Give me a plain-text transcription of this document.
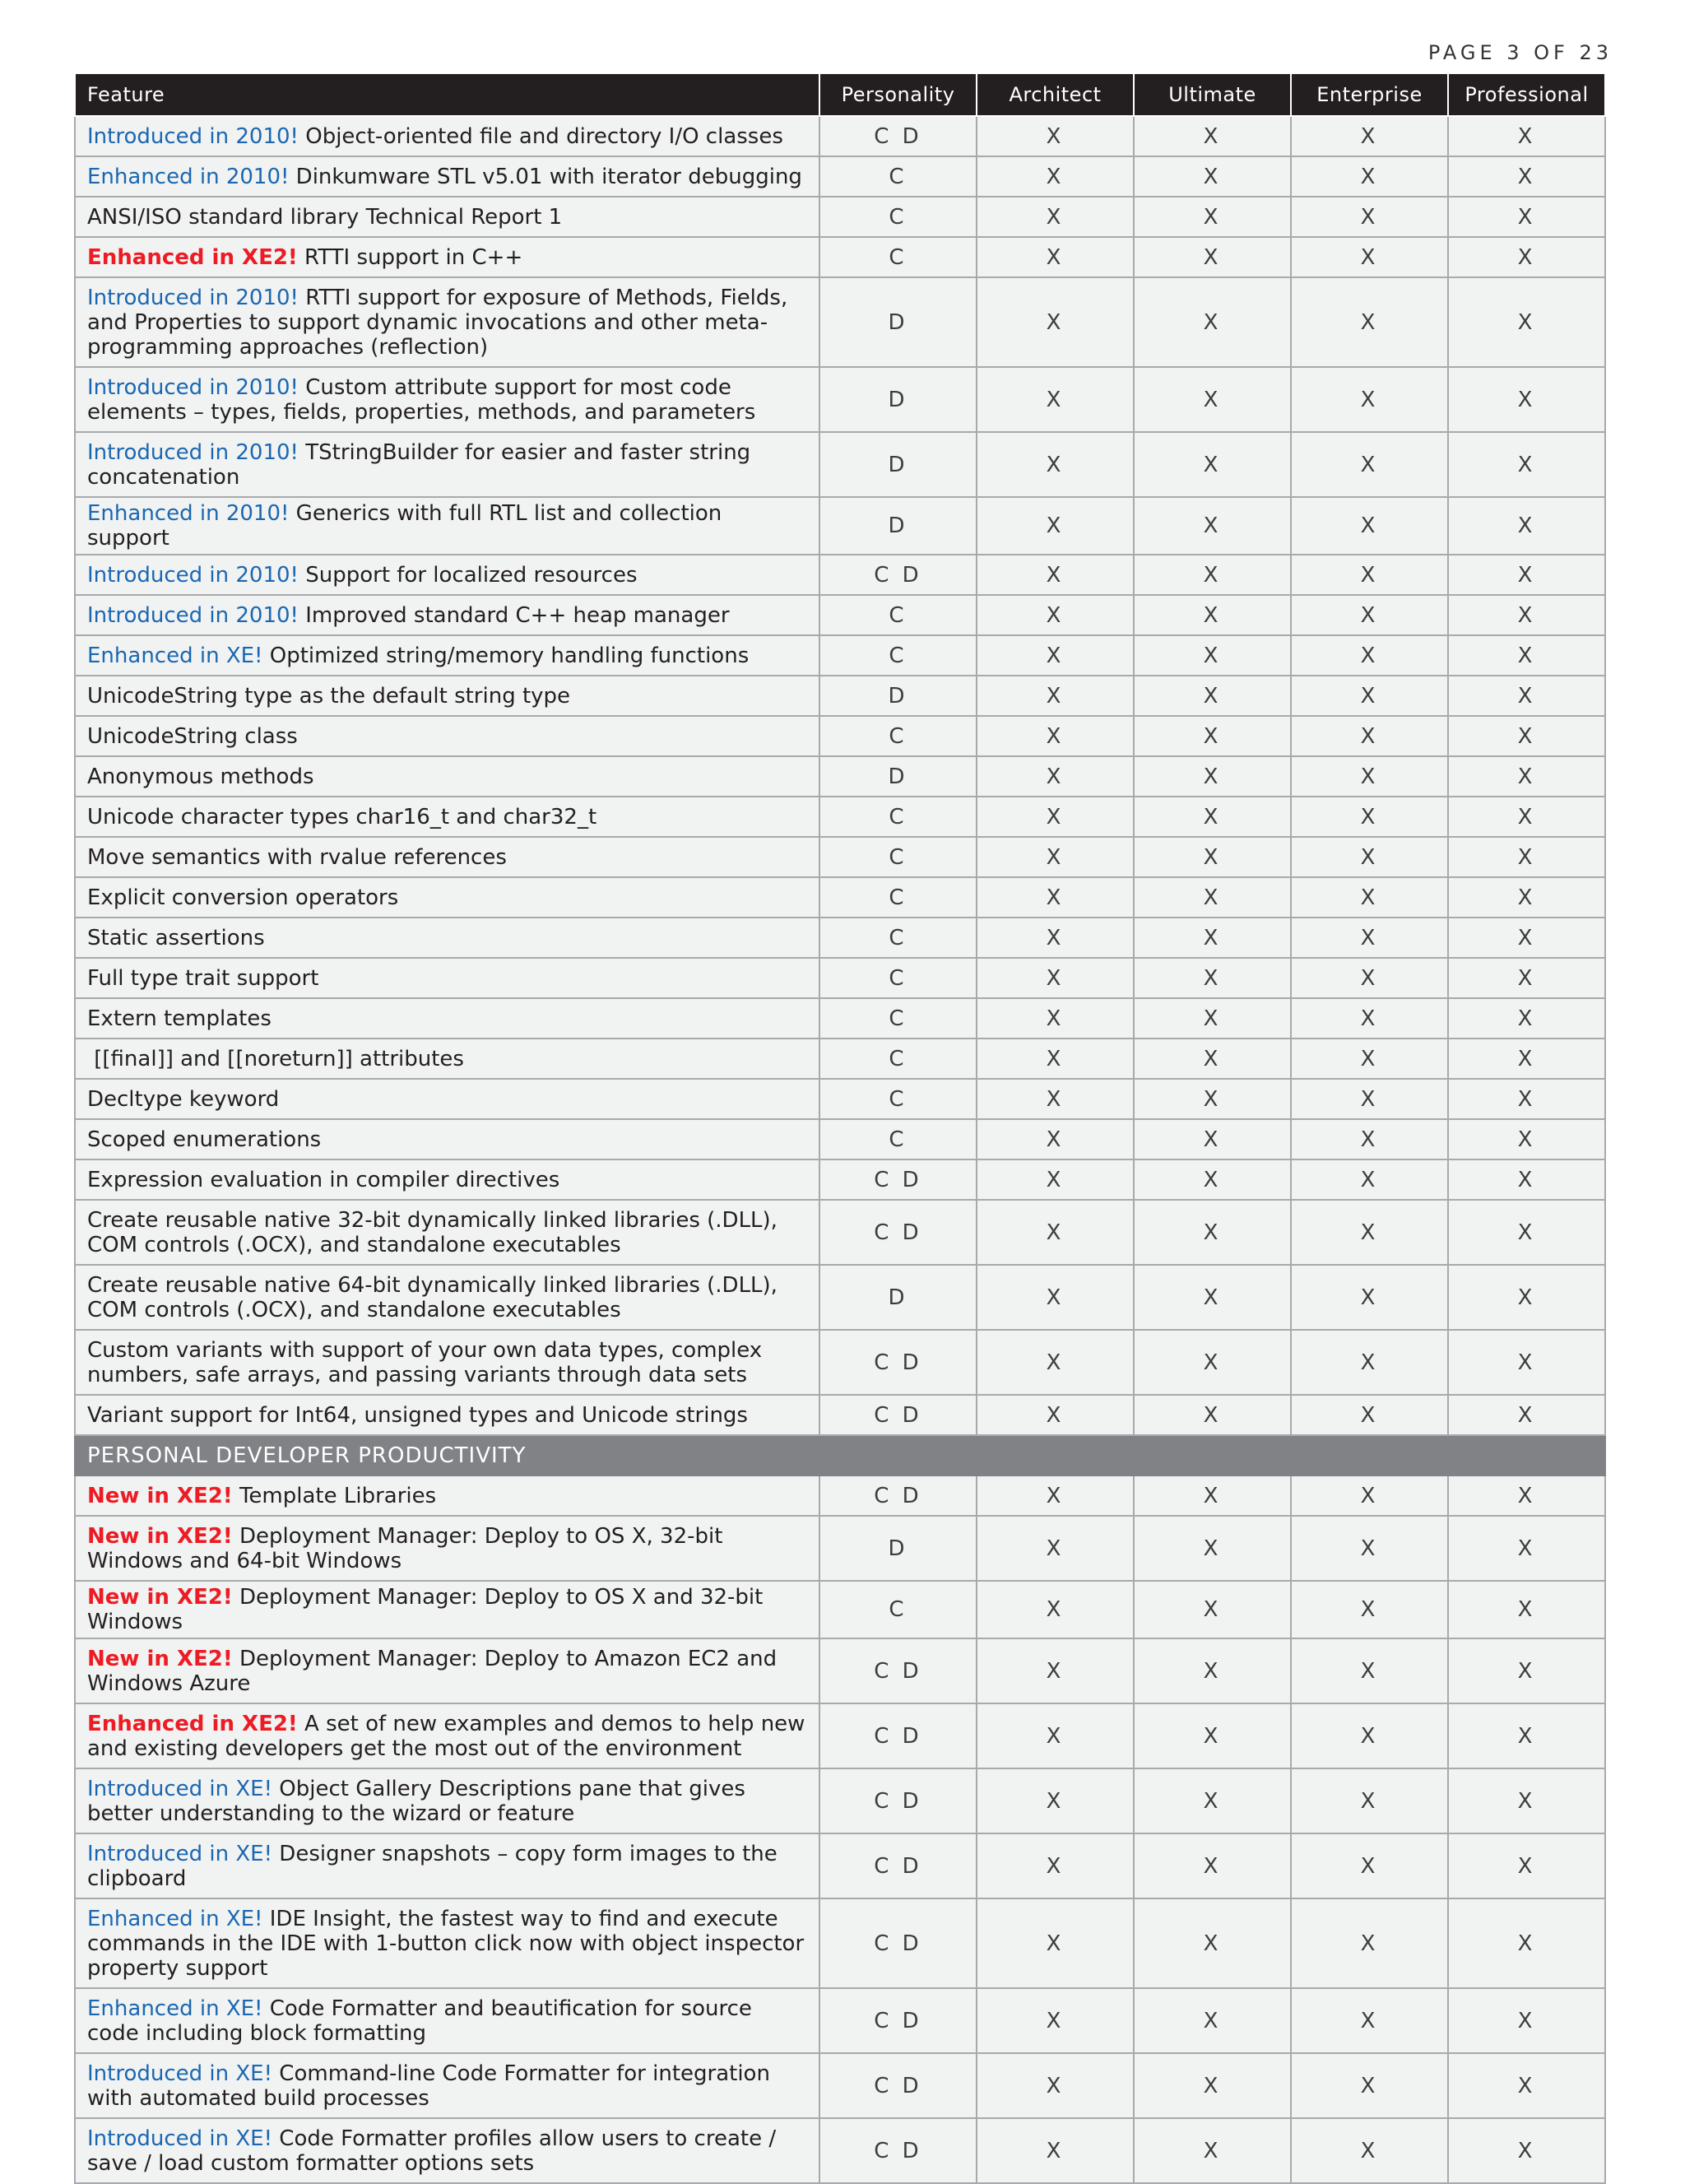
PAGE 3 OF 23
Feature	Personality	Architect	Ultimate	Enterprise	Professional
Introduced in 2010! Object-oriented file and directory I/O classes	C D	X	X	X	X
Enhanced in 2010! Dinkumware STL v5.01 with iterator debugging	C	X	X	X	X
ANSI/ISO standard library Technical Report 1	C	X	X	X	X
Enhanced in XE2! RTTI support in C++	C	X	X	X	X
Introduced in 2010! RTTI support for exposure of Methods, Fields, and Properties to support dynamic invocations and other meta-programming approaches (reflection)	D	X	X	X	X
Introduced in 2010! Custom attribute support for most code elements – types, fields, properties, methods, and parameters	D	X	X	X	X
Introduced in 2010! TStringBuilder for easier and faster string concatenation	D	X	X	X	X
Enhanced in 2010! Generics with full RTL list and collection support	D	X	X	X	X
Introduced in 2010! Support for localized resources	C D	X	X	X	X
Introduced in 2010! Improved standard C++ heap manager	C	X	X	X	X
Enhanced in XE! Optimized string/memory handling functions	C	X	X	X	X
UnicodeString type as the default string type	D	X	X	X	X
UnicodeString class	C	X	X	X	X
Anonymous methods	D	X	X	X	X
Unicode character types char16_t and char32_t	C	X	X	X	X
Move semantics with rvalue references	C	X	X	X	X
Explicit conversion operators	C	X	X	X	X
Static assertions	C	X	X	X	X
Full type trait support	C	X	X	X	X
Extern templates	C	X	X	X	X
[[final]] and [[noreturn]] attributes	C	X	X	X	X
Decltype keyword	C	X	X	X	X
Scoped enumerations	C	X	X	X	X
Expression evaluation in compiler directives	C D	X	X	X	X
Create reusable native 32-bit dynamically linked libraries (.DLL), COM controls (.OCX), and standalone executables	C D	X	X	X	X
Create reusable native 64-bit dynamically linked libraries (.DLL), COM controls (.OCX), and standalone executables	D	X	X	X	X
Custom variants with support of your own data types, complex numbers, safe arrays, and passing variants through data sets	C D	X	X	X	X
Variant support for Int64, unsigned types and Unicode strings	C D	X	X	X	X
PERSONAL DEVELOPER PRODUCTIVITY					
New in XE2! Template Libraries	C D	X	X	X	X
New in XE2! Deployment Manager: Deploy to OS X, 32-bit Windows and 64-bit Windows	D	X	X	X	X
New in XE2! Deployment Manager: Deploy to OS X and 32-bit Windows	C	X	X	X	X
New in XE2! Deployment Manager: Deploy to Amazon EC2 and Windows Azure	C D	X	X	X	X
Enhanced in XE2! A set of new examples and demos to help new and existing developers get the most out of the environment	C D	X	X	X	X
Introduced in XE! Object Gallery Descriptions pane that gives better understanding to the wizard or feature	C D	X	X	X	X
Introduced in XE! Designer snapshots – copy form images to the clipboard	C D	X	X	X	X
Enhanced in XE! IDE Insight, the fastest way to find and execute commands in the IDE with 1-button click now with object inspector property support	C D	X	X	X	X
Enhanced in XE! Code Formatter and beautification for source code including block formatting	C D	X	X	X	X
Introduced in XE! Command-line Code Formatter for integration with automated build processes	C D	X	X	X	X
Introduced in XE! Code Formatter profiles allow users to create / save / load custom formatter options sets	C D	X	X	X	X
